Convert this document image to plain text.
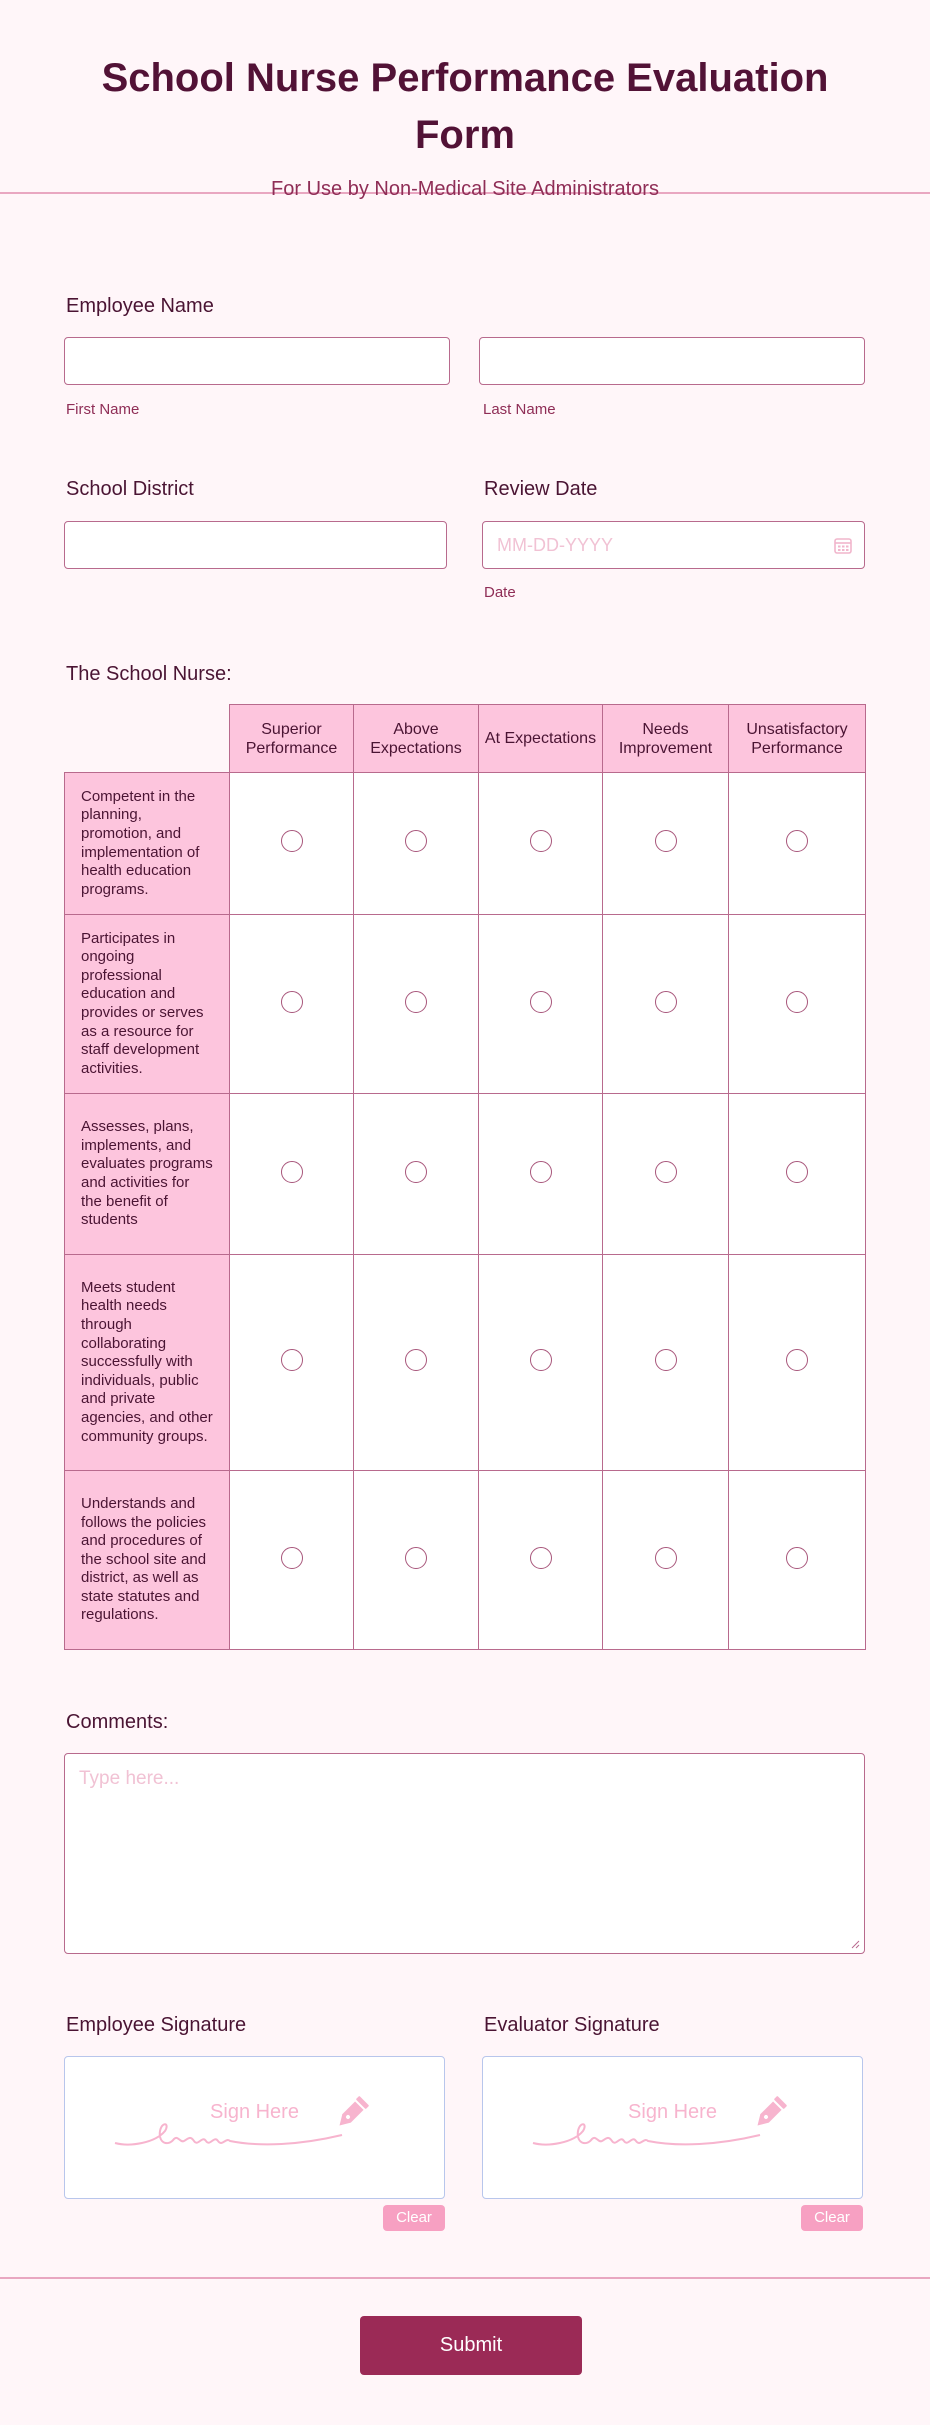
School Nurse Performance Evaluation Form
For Use by Non-Medical Site Administrators
Employee Name
First Name	Last Name
School District	Review Date
MM-DD-YYYY
Date
The School Nurse:
	Superior Performance	Above Expectations	At Expectations	Needs Improvement	Unsatisfactory Performance
Competent in the planning, promotion, and implementation of health education programs.					
Participates in ongoing professional education and provides or serves as a resource for staff development activities.					
Assesses, plans, implements, and evaluates programs and activities for the benefit of students					
Meets student health needs through collaborating successfully with individuals, public and private agencies, and other community groups.					
Understands and follows the policies and procedures of the school site and district, as well as state statutes and regulations.					
Comments:
Type here...
Employee Signature
Sign Here
Clear
Evaluator Signature
Sign Here
Clear
Submit
